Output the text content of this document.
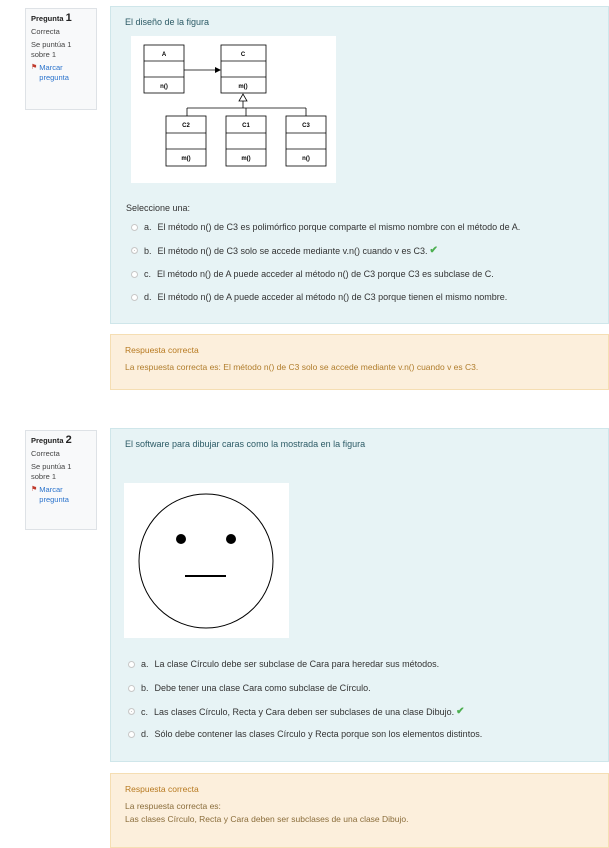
Pregunta 1
Correcta
Se puntúa 1 sobre 1
⚑ Marcar pregunta
El diseño de la figura
A
n()
C
m()
C2
m()
C1
m()
C3
n()
Seleccione una:
a. El método n() de C3 es polimórfico porque comparte el mismo nombre con el método de A.
b. El método n() de C3 solo se accede mediante v.n() cuando v es C3. ✔
c. El método n() de A puede acceder al método n() de C3 porque C3 es subclase de C.
d. El método n() de A puede acceder al método n() de C3 porque tienen el mismo nombre.
Respuesta correcta
La respuesta correcta es: El método n() de C3 solo se accede mediante v.n() cuando v es C3.
Pregunta 2
Correcta
Se puntúa 1 sobre 1
⚑ Marcar pregunta
El software para dibujar caras como la mostrada en la figura
a. La clase Círculo debe ser subclase de Cara para heredar sus métodos.
b. Debe tener una clase Cara como subclase de Círculo.
c. Las clases Círculo, Recta y Cara deben ser subclases de una clase Dibujo. ✔
d. Sólo debe contener las clases Círculo y Recta porque son los elementos distintos.
Respuesta correcta
La respuesta correcta es:
Las clases Círculo, Recta y Cara deben ser subclases de una clase Dibujo.
